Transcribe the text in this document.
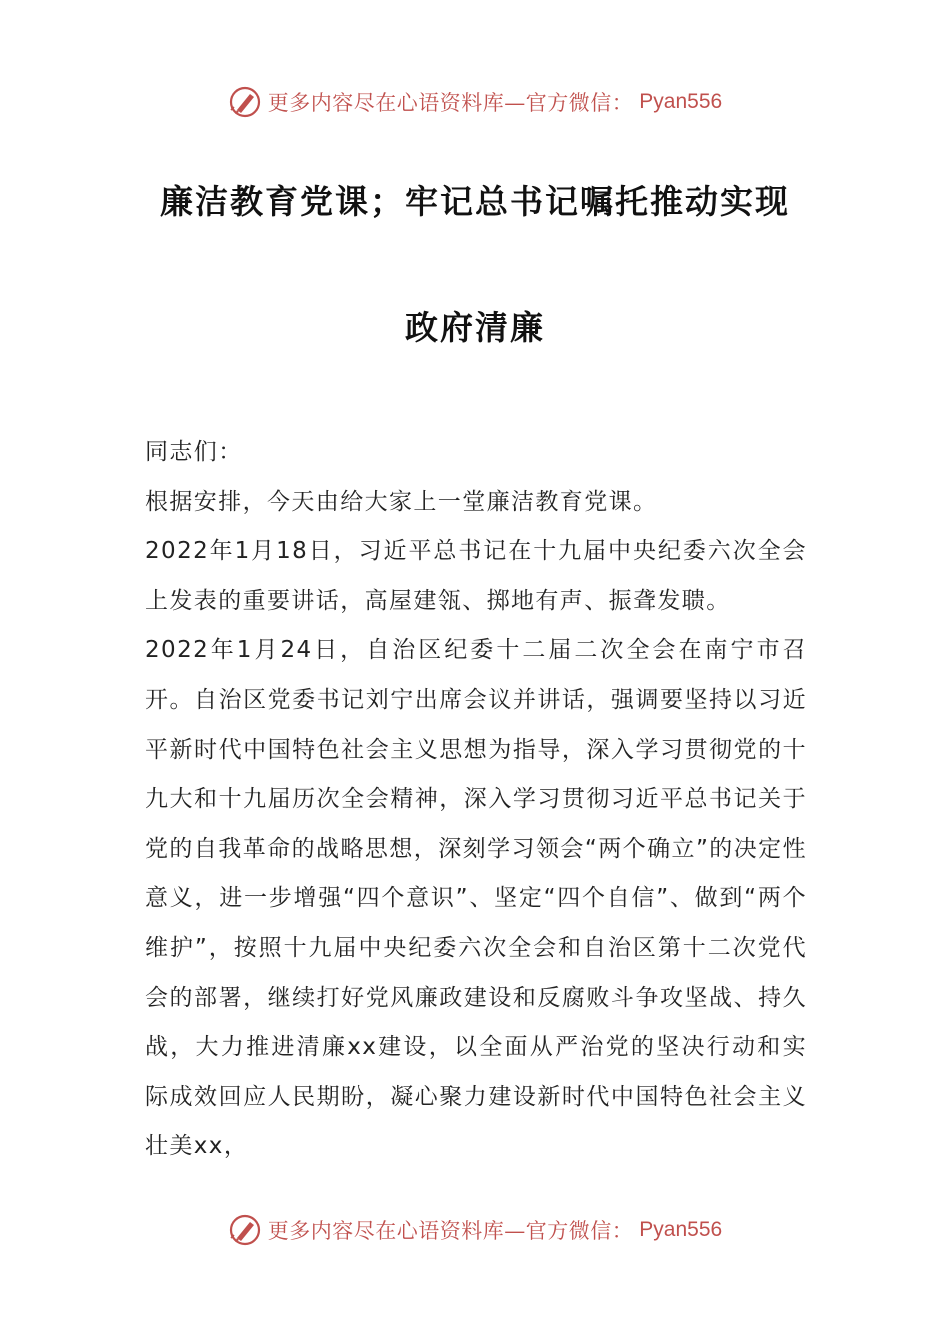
更多内容尽在心语资料库—官方微信： Pyan556
廉洁教育党课；牢记总书记嘱托推动实现
政府清廉

同志们：

根据安排，今天由给大家上一堂廉洁教育党课。

2022年1月18日，习近平总书记在十九届中央纪委六次全会上发表的重要讲话，高屋建瓴、掷地有声、振聋发聩。

2022年1月24日，自治区纪委十二届二次全会在南宁市召开。自治区党委书记刘宁出席会议并讲话，强调要坚持以习近平新时代中国特色社会主义思想为指导，深入学习贯彻党的十九大和十九届历次全会精神，深入学习贯彻习近平总书记关于党的自我革命的战略思想，深刻学习领会“两个确立”的决定性意义，进一步增强“四个意识”、坚定“四个自信”、做到“两个维护”，按照十九届中央纪委六次全会和自治区第十二次党代会的部署，继续打好党风廉政建设和反腐败斗争攻坚战、持久战，大力推进清廉xx建设，以全面从严治党的坚决行动和实际成效回应人民期盼，凝心聚力建设新时代中国特色社会主义壮美xx，

更多内容尽在心语资料库—官方微信： Pyan556
